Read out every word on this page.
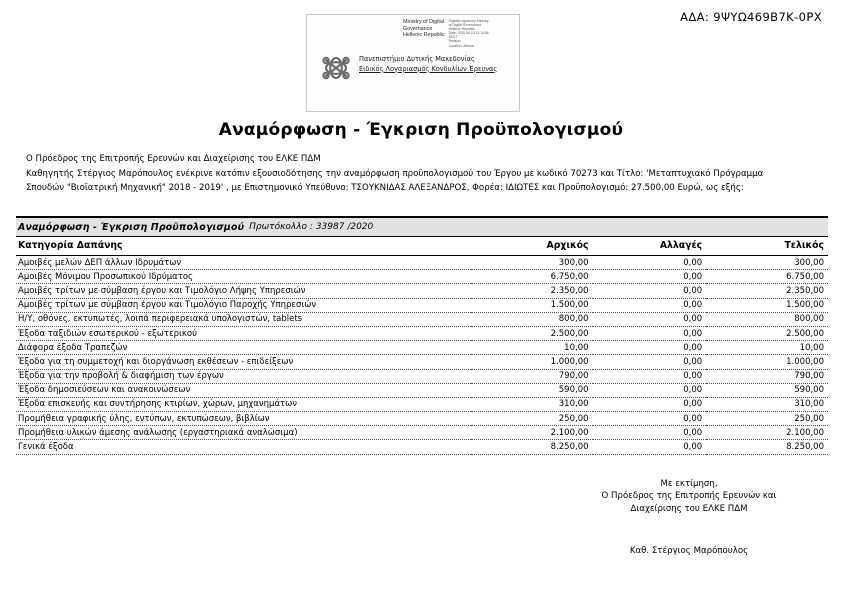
ΑΔΑ: 9ΨΥΩ469Β7Κ-0ΡΧ
Ministry of Digital
Governance
Hellenic Republic
Digitally signed by Ministry
of Digital Governance,
Hellenic Republic
Date: 2020.06.10 11:14:56
EEST
Reason:
Location: Athens
Πανεπιστήμιο Δυτικής Μακεδονίας
Ειδικός Λογαριασμός Κονδυλίων Έρευνας
Αναμόρφωση - Έγκριση Προϋπολογισμού
Ο Πρόεδρος της Επιτροπής Ερευνών και Διαχείρισης του ΕΛΚΕ ΠΔΜ
Καθηγητής Στέργιος Μαρόπουλος ενέκρινε κατόπιν εξουσιοδότησης την αναμόρφωση προϋπολογισμού του Έργου με κωδικό 70273 και Τίτλο: 'Μεταπτυχιακό Πρόγραμμα
Σπουδών "Βιοϊατρική Μηχανική" 2018 - 2019' , με Επιστημονικό Υπεύθυνο: ΤΣΟΥΚΝΙΔΑΣ ΑΛΕΞΑΝΔΡΟΣ, Φορέα: ΙΔΙΩΤΕΣ και Προϋπολογισμό: 27.500,00 Ευρώ, ως εξής:
Αναμόρφωση - Έγκριση Προϋπολογισμού Πρωτόκολλο : 33987 /2020
Κατηγορία Δαπάνης	Αρχικός	Αλλαγές	Τελικός
Αμοιβές μελών ΔΕΠ άλλων Ιδρυμάτων	300,00	0,00	300,00
Αμοιβές Μόνιμου Προσωπικού Ιδρύματος	6.750,00	0,00	6.750,00
Αμοιβές τρίτων με σύμβαση έργου και Τιμολόγιο Λήψης Υπηρεσιών	2.350,00	0,00	2.350,00
Αμοιβές τρίτων με σύμβαση έργου και Τιμολόγιο Παροχής Υπηρεσιών	1.500,00	0,00	1.500,00
Η/Υ, οθόνες, εκτυπωτές, λοιπά περιφερειακά υπολογιστών, tablets	800,00	0,00	800,00
Έξοδα ταξιδιών εσωτερικού - εξωτερικού	2.500,00	0,00	2.500,00
Διάφορα έξοδα Τραπεζών	10,00	0,00	10,00
Έξοδα για τη συμμετοχή και διοργάνωση εκθέσεων - επιδείξεων	1.000,00	0,00	1.000,00
Έξοδα για την προβολή & διαφήμιση των έργων	790,00	0,00	790,00
Έξοδα δημοσιεύσεων και ανακοινώσεων	590,00	0,00	590,00
Έξοδα επισκευής και συντήρησης κτιρίων, χώρων, μηχανημάτων	310,00	0,00	310,00
Προμήθεια γραφικής ύλης, εντύπων, εκτυπώσεων, βιβλίων	250,00	0,00	250,00
Προμήθεια υλικών άμεσης ανάλωσης (εργαστηριακά αναλώσιμα)	2.100,00	0,00	2.100,00
Γενικά έξοδα	8.250,00	0,00	8.250,00
Με εκτίμηση,
Ο Πρόεδρος της Επιτροπής Ερευνών και
Διαχείρισης του ΕΛΚΕ ΠΔΜ
Καθ. Στέργιος Μαρόπουλος
